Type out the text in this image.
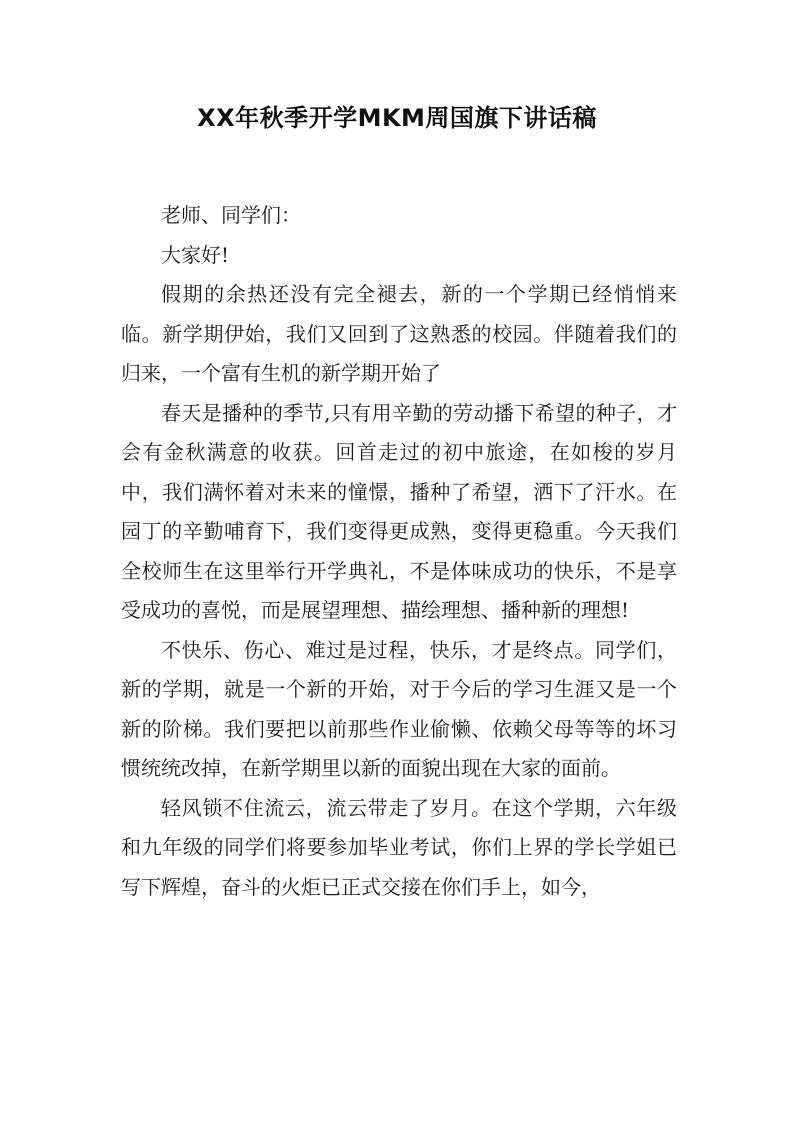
XX年秋季开学MKM周国旗下讲话稿

老师、同学们：

大家好!

假期的余热还没有完全褪去，新的一个学期已经悄悄来临。新学期伊始，我们又回到了这熟悉的校园。伴随着我们的归来，一个富有生机的新学期开始了

春天是播种的季节,只有用辛勤的劳动播下希望的种子，才会有金秋满意的收获。回首走过的初中旅途，在如梭的岁月中，我们满怀着对未来的憧憬，播种了希望，洒下了汗水。在园丁的辛勤哺育下，我们变得更成熟，变得更稳重。今天我们全校师生在这里举行开学典礼，不是体味成功的快乐，不是享受成功的喜悦，而是展望理想、描绘理想、播种新的理想!

不快乐、伤心、难过是过程，快乐，才是终点。同学们，新的学期，就是一个新的开始，对于今后的学习生涯又是一个新的阶梯。我们要把以前那些作业偷懒、依赖父母等等的坏习惯统统改掉，在新学期里以新的面貌出现在大家的面前。

轻风锁不住流云，流云带走了岁月。在这个学期，六年级和九年级的同学们将要参加毕业考试，你们上界的学长学姐已写下辉煌，奋斗的火炬已正式交接在你们手上，如今，
